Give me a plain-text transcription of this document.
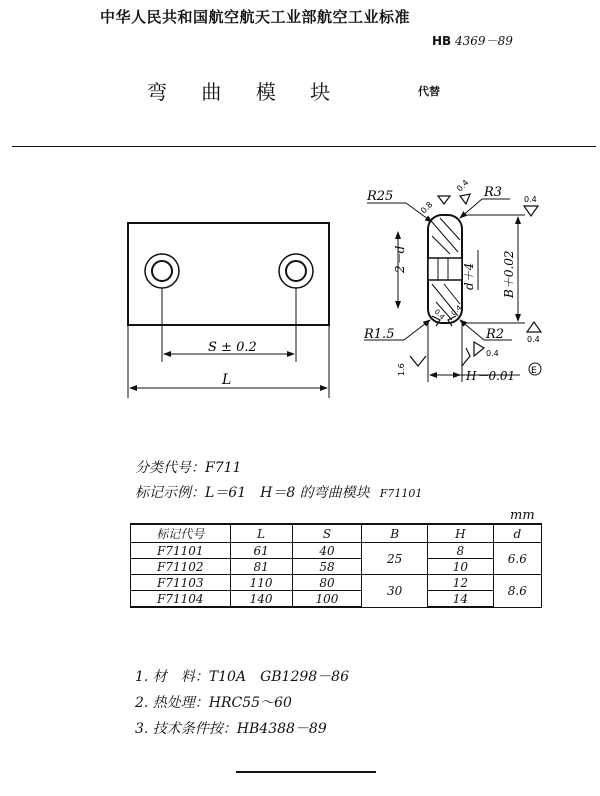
中华人民共和国航空航天工业部航空工业标准
HB 4369－89
弯 曲 模 块	代替
S ± 0.2
L
2－d
d＋4 B＋0.02
H－0.01 E
R25	R3
R1.5	R2
0.4
0.4
0.4
0.8
0.4
1.6
0.4 0.4
分类代号：F711
标记示例：L＝61　H＝8 的弯曲模块 F71101
mm
标记代号	L	S	B	H	d
F71101	61	40	25	8	6.6
F71102	81	58		10	
F71103	110	80	30	12	8.6
F71104	140	100		14	
1. 材　料：T10A　GB1298－86
2. 热处理：HRC55～60
3. 技术条件按：HB4388－89
